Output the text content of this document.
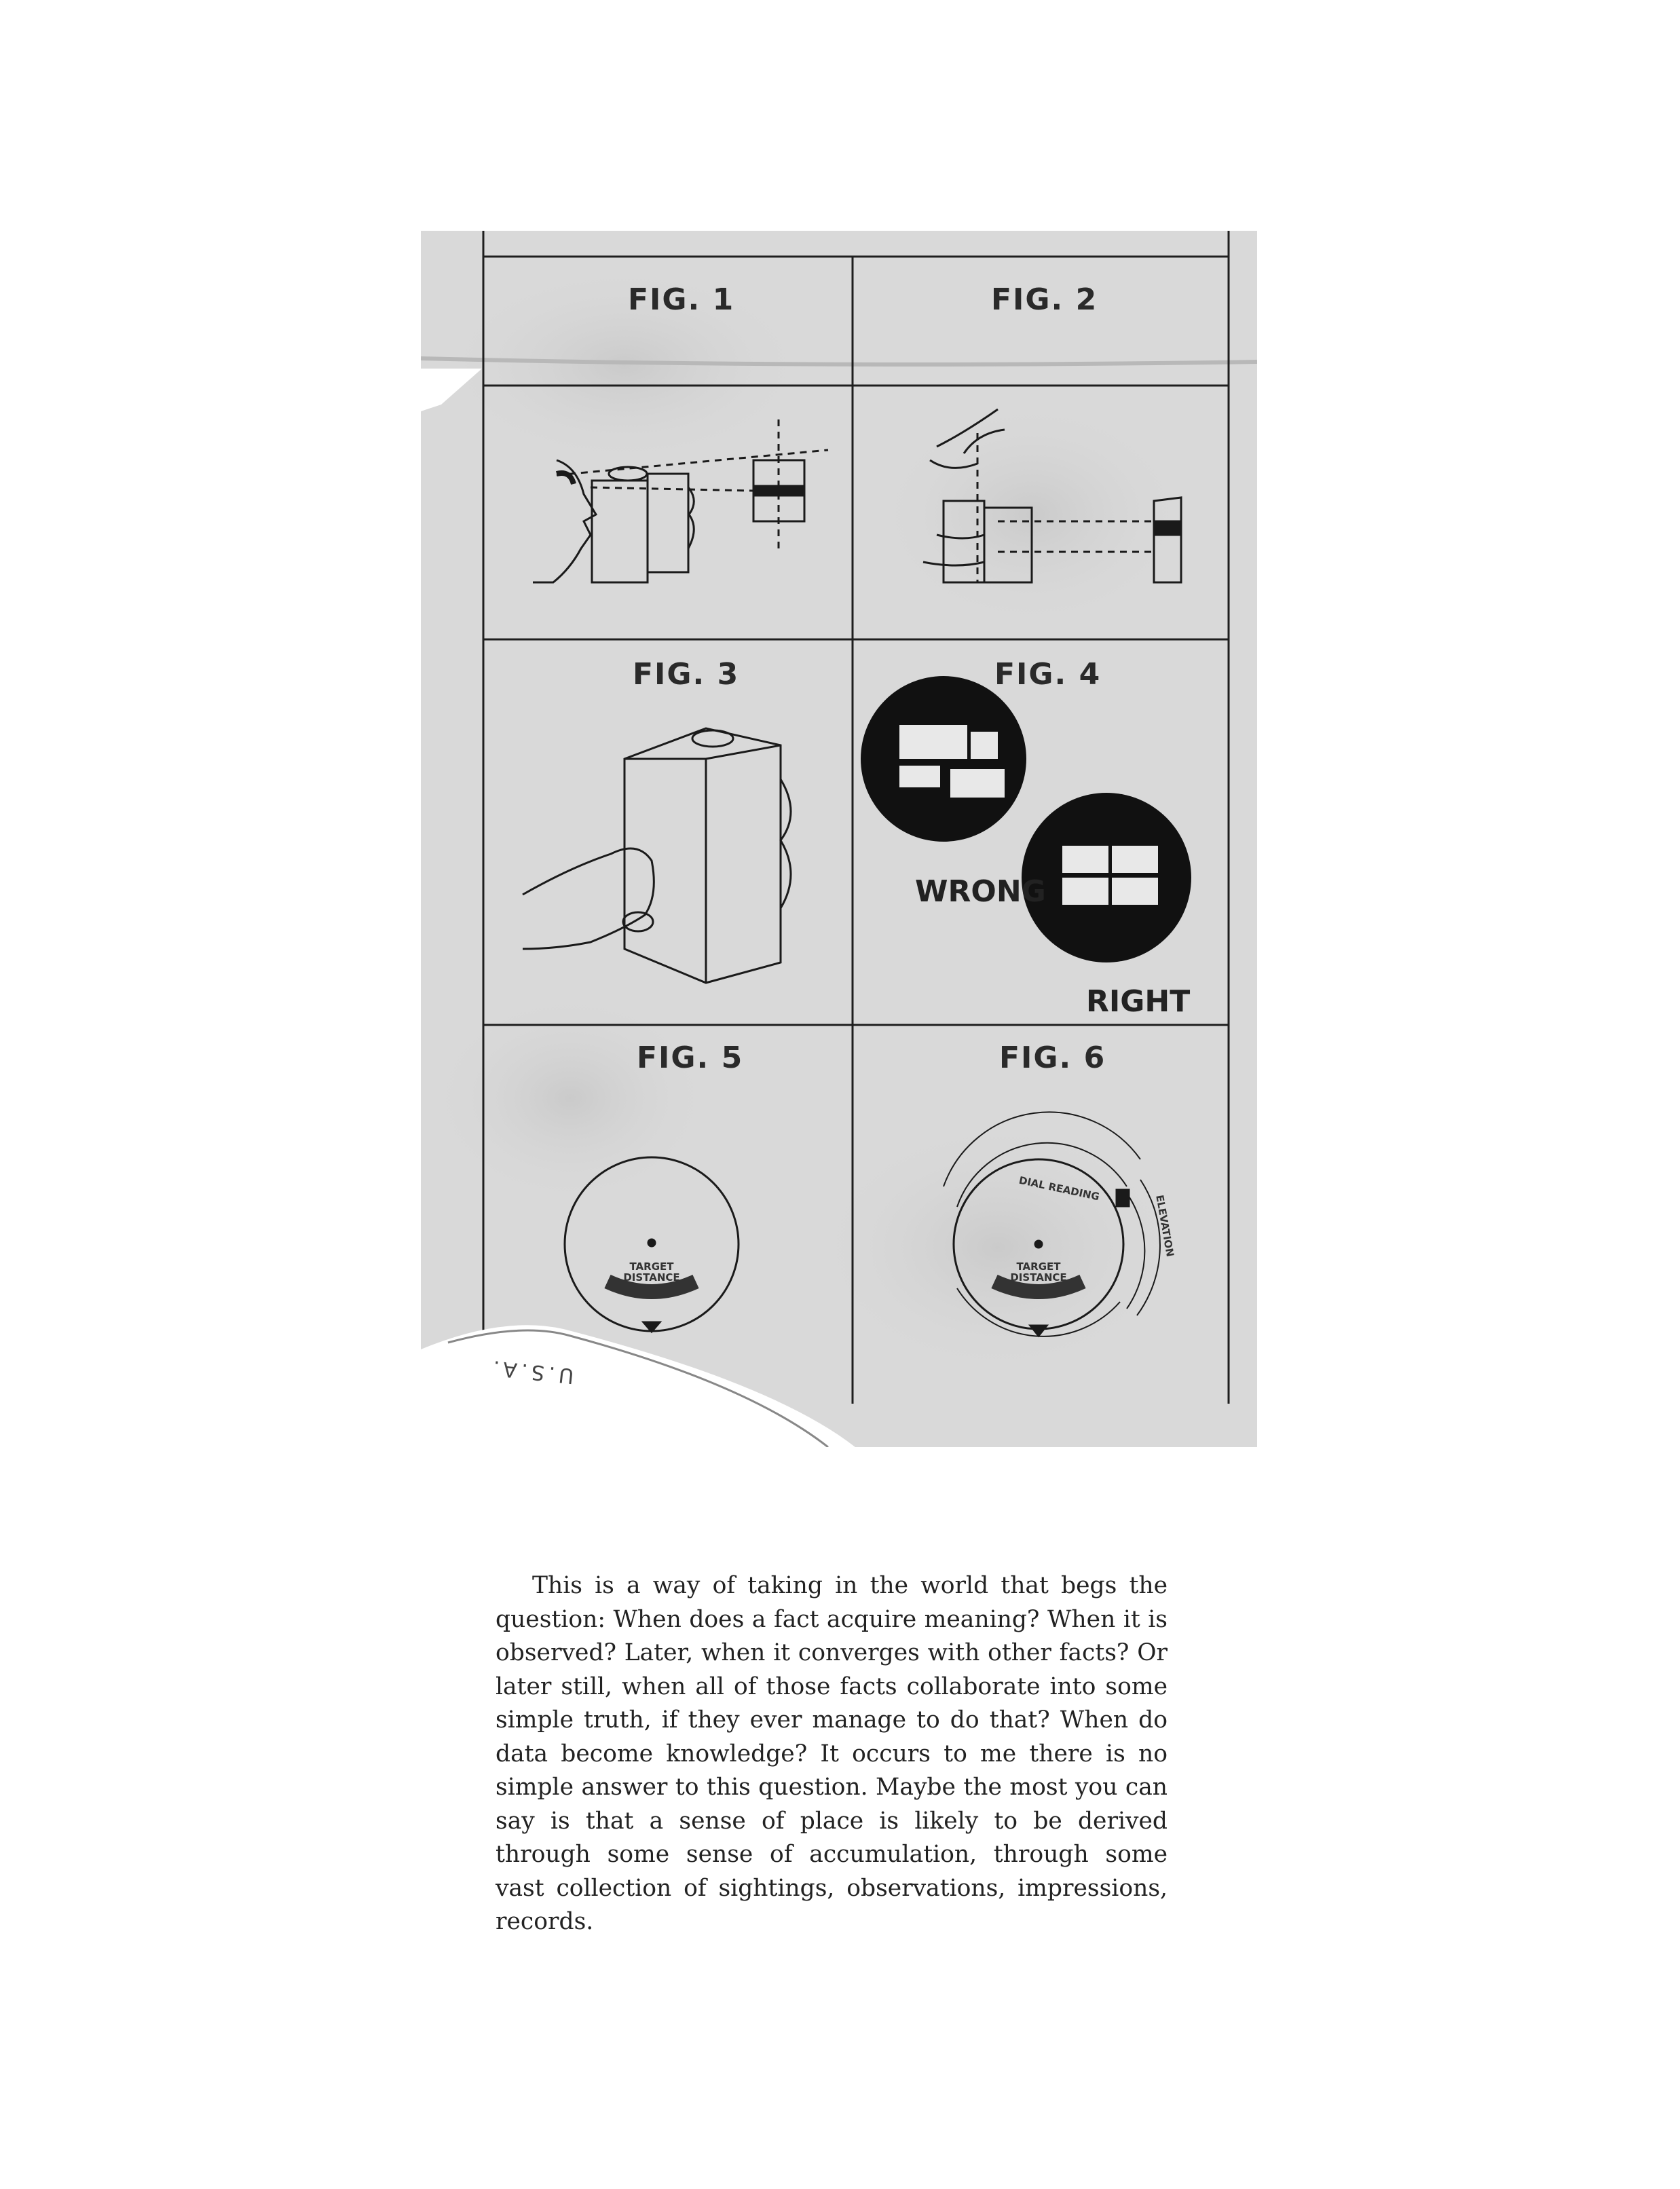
FIG. 1	FIG. 2
FIG. 3	FIG. 4
FIG. 5	FIG. 6
WRONG
RIGHT
TARGET DISTANCE
TARGET DISTANCE
DIAL READING
ELEVATION
U.S.A.

This is a way of taking in the world that begs the question: When does a fact acquire meaning? When it is observed? Later, when it converges with other facts? Or later still, when all of those facts collaborate into some simple truth, if they ever manage to do that? When do data become knowledge? It occurs to me there is no simple answer to this question. Maybe the most you can say is that a sense of place is likely to be derived through some sense of accumulation, through some vast collection of sightings, observations, impressions, records.
